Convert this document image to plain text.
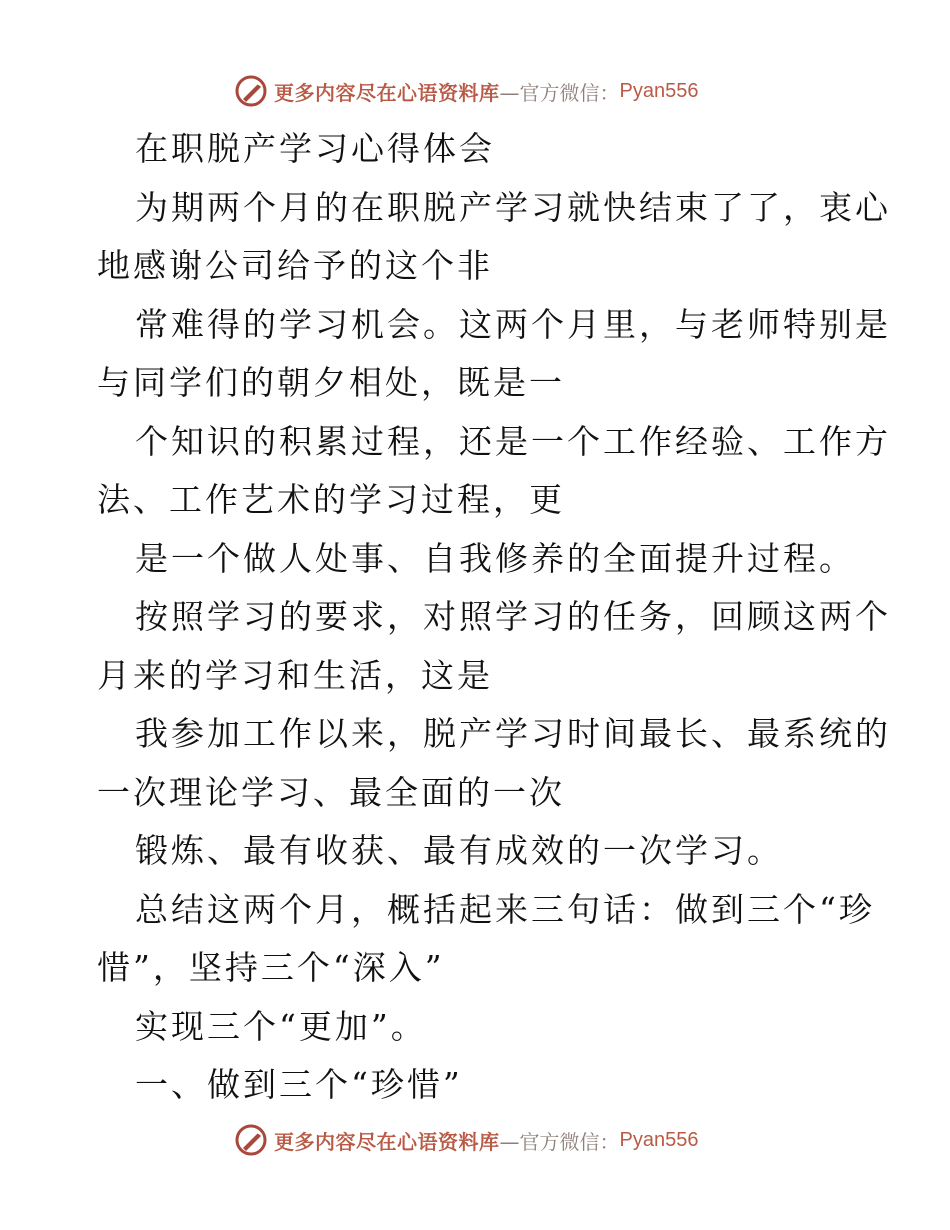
更多内容尽在心语资料库 —官方微信： Pyan556
在职脱产学习心得体会
为期两个月的在职脱产学习就快结束了了，衷心
地感谢公司给予的这个非
常难得的学习机会。这两个月里，与老师特别是
与同学们的朝夕相处，既是一
个知识的积累过程，还是一个工作经验、工作方
法、工作艺术的学习过程，更
是一个做人处事、自我修养的全面提升过程。
按照学习的要求，对照学习的任务，回顾这两个
月来的学习和生活，这是
我参加工作以来，脱产学习时间最长、最系统的
一次理论学习、最全面的一次
锻炼、最有收获、最有成效的一次学习。
总结这两个月，概括起来三句话：做到三个“珍
惜”，坚持三个“深入”
实现三个“更加”。
一、做到三个“珍惜”
更多内容尽在心语资料库 —官方微信： Pyan556
